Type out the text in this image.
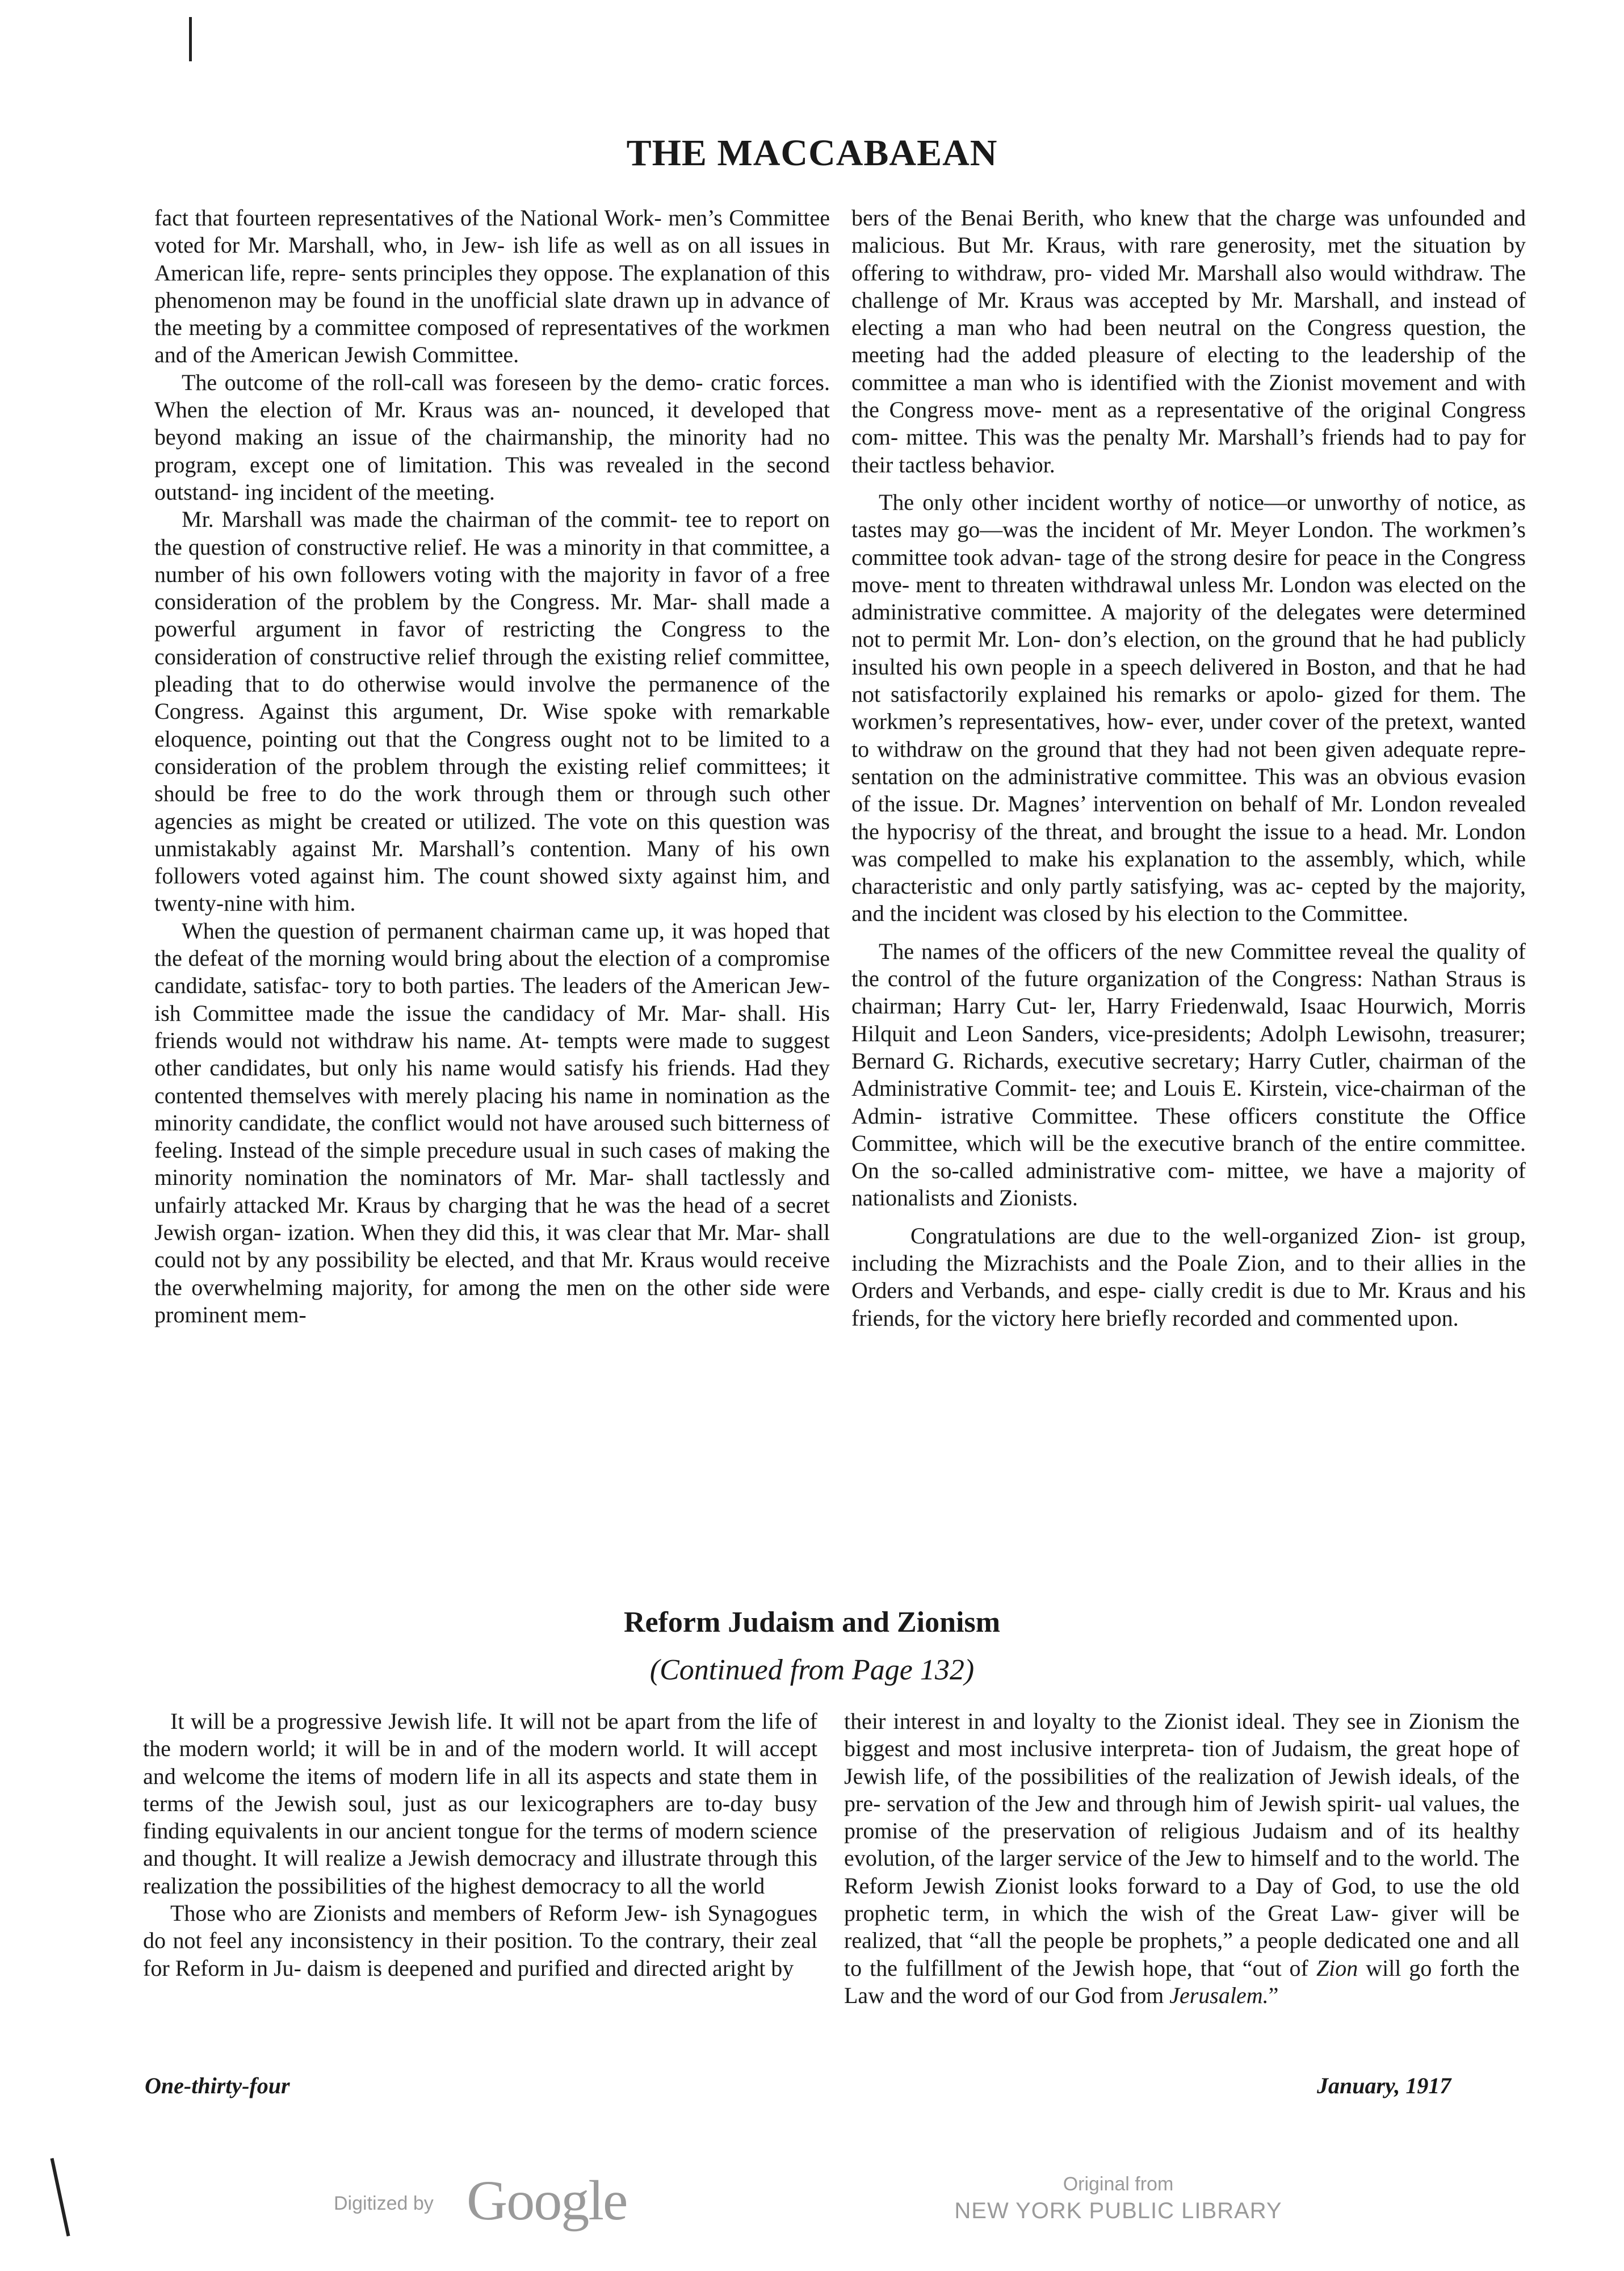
THE MACCABAEAN

fact that fourteen representatives of the National Work- men’s Committee voted for Mr. Marshall, who, in Jew- ish life as well as on all issues in American life, repre- sents principles they oppose. The explanation of this phenomenon may be found in the unofficial slate drawn up in advance of the meeting by a committee composed of representatives of the workmen and of the American Jewish Committee.

The outcome of the roll-call was foreseen by the demo- cratic forces. When the election of Mr. Kraus was an- nounced, it developed that beyond making an issue of the chairmanship, the minority had no program, except one of limitation. This was revealed in the second outstand- ing incident of the meeting.

Mr. Marshall was made the chairman of the commit- tee to report on the question of constructive relief. He was a minority in that committee, a number of his own followers voting with the majority in favor of a free consideration of the problem by the Congress. Mr. Mar- shall made a powerful argument in favor of restricting the Congress to the consideration of constructive relief through the existing relief committee, pleading that to do otherwise would involve the permanence of the Congress. Against this argument, Dr. Wise spoke with remarkable eloquence, pointing out that the Congress ought not to be limited to a consideration of the problem through the existing relief committees; it should be free to do the work through them or through such other agencies as might be created or utilized. The vote on this question was unmistakably against Mr. Marshall’s contention. Many of his own followers voted against him. The count showed sixty against him, and twenty-nine with him.

When the question of permanent chairman came up, it was hoped that the defeat of the morning would bring about the election of a compromise candidate, satisfac- tory to both parties. The leaders of the American Jew- ish Committee made the issue the candidacy of Mr. Mar- shall. His friends would not withdraw his name. At- tempts were made to suggest other candidates, but only his name would satisfy his friends. Had they contented themselves with merely placing his name in nomination as the minority candidate, the conflict would not have aroused such bitterness of feeling. Instead of the simple precedure usual in such cases of making the minority nomination the nominators of Mr. Mar- shall tactlessly and unfairly attacked Mr. Kraus by charging that he was the head of a secret Jewish organ- ization. When they did this, it was clear that Mr. Mar- shall could not by any possibility be elected, and that Mr. Kraus would receive the overwhelming majority, for among the men on the other side were prominent mem-

bers of the Benai Berith, who knew that the charge was unfounded and malicious. But Mr. Kraus, with rare generosity, met the situation by offering to withdraw, pro- vided Mr. Marshall also would withdraw. The challenge of Mr. Kraus was accepted by Mr. Marshall, and instead of electing a man who had been neutral on the Congress question, the meeting had the added pleasure of electing to the leadership of the committee a man who is identified with the Zionist movement and with the Congress move- ment as a representative of the original Congress com- mittee. This was the penalty Mr. Marshall’s friends had to pay for their tactless behavior.

The only other incident worthy of notice—or unworthy of notice, as tastes may go—was the incident of Mr. Meyer London. The workmen’s committee took advan- tage of the strong desire for peace in the Congress move- ment to threaten withdrawal unless Mr. London was elected on the administrative committee. A majority of the delegates were determined not to permit Mr. Lon- don’s election, on the ground that he had publicly insulted his own people in a speech delivered in Boston, and that he had not satisfactorily explained his remarks or apolo- gized for them. The workmen’s representatives, how- ever, under cover of the pretext, wanted to withdraw on the ground that they had not been given adequate repre- sentation on the administrative committee. This was an obvious evasion of the issue. Dr. Magnes’ intervention on behalf of Mr. London revealed the hypocrisy of the threat, and brought the issue to a head. Mr. London was compelled to make his explanation to the assembly, which, while characteristic and only partly satisfying, was ac- cepted by the majority, and the incident was closed by his election to the Committee.

The names of the officers of the new Committee reveal the quality of the control of the future organization of the Congress: Nathan Straus is chairman; Harry Cut- ler, Harry Friedenwald, Isaac Hourwich, Morris Hilquit and Leon Sanders, vice-presidents; Adolph Lewisohn, treasurer; Bernard G. Richards, executive secretary; Harry Cutler, chairman of the Administrative Commit- tee; and Louis E. Kirstein, vice-chairman of the Admin- istrative Committee. These officers constitute the Office Committee, which will be the executive branch of the entire committee. On the so-called administrative com- mittee, we have a majority of nationalists and Zionists.

Congratulations are due to the well-organized Zion- ist group, including the Mizrachists and the Poale Zion, and to their allies in the Orders and Verbands, and espe- cially credit is due to Mr. Kraus and his friends, for the victory here briefly recorded and commented upon.

Reform Judaism and Zionism
(Continued from Page 132)

It will be a progressive Jewish life. It will not be apart from the life of the modern world; it will be in and of the modern world. It will accept and welcome the items of modern life in all its aspects and state them in terms of the Jewish soul, just as our lexicographers are to-day busy finding equivalents in our ancient tongue for the terms of modern science and thought. It will realize a Jewish democracy and illustrate through this realization the possibilities of the highest democracy to all the world

Those who are Zionists and members of Reform Jew- ish Synagogues do not feel any inconsistency in their position. To the contrary, their zeal for Reform in Ju- daism is deepened and purified and directed aright by

their interest in and loyalty to the Zionist ideal. They see in Zionism the biggest and most inclusive interpreta- tion of Judaism, the great hope of Jewish life, of the possibilities of the realization of Jewish ideals, of the pre- servation of the Jew and through him of Jewish spirit- ual values, the promise of the preservation of religious Judaism and of its healthy evolution, of the larger service of the Jew to himself and to the world. The Reform Jewish Zionist looks forward to a Day of God, to use the old prophetic term, in which the wish of the Great Law- giver will be realized, that “all the people be prophets,” a people dedicated one and all to the fulfillment of the Jewish hope, that “out of Zion will go forth the Law and the word of our God from Jerusalem.”

One-thirty-four	January, 1917
Digitized by Google	Original from
NEW YORK PUBLIC LIBRARY
